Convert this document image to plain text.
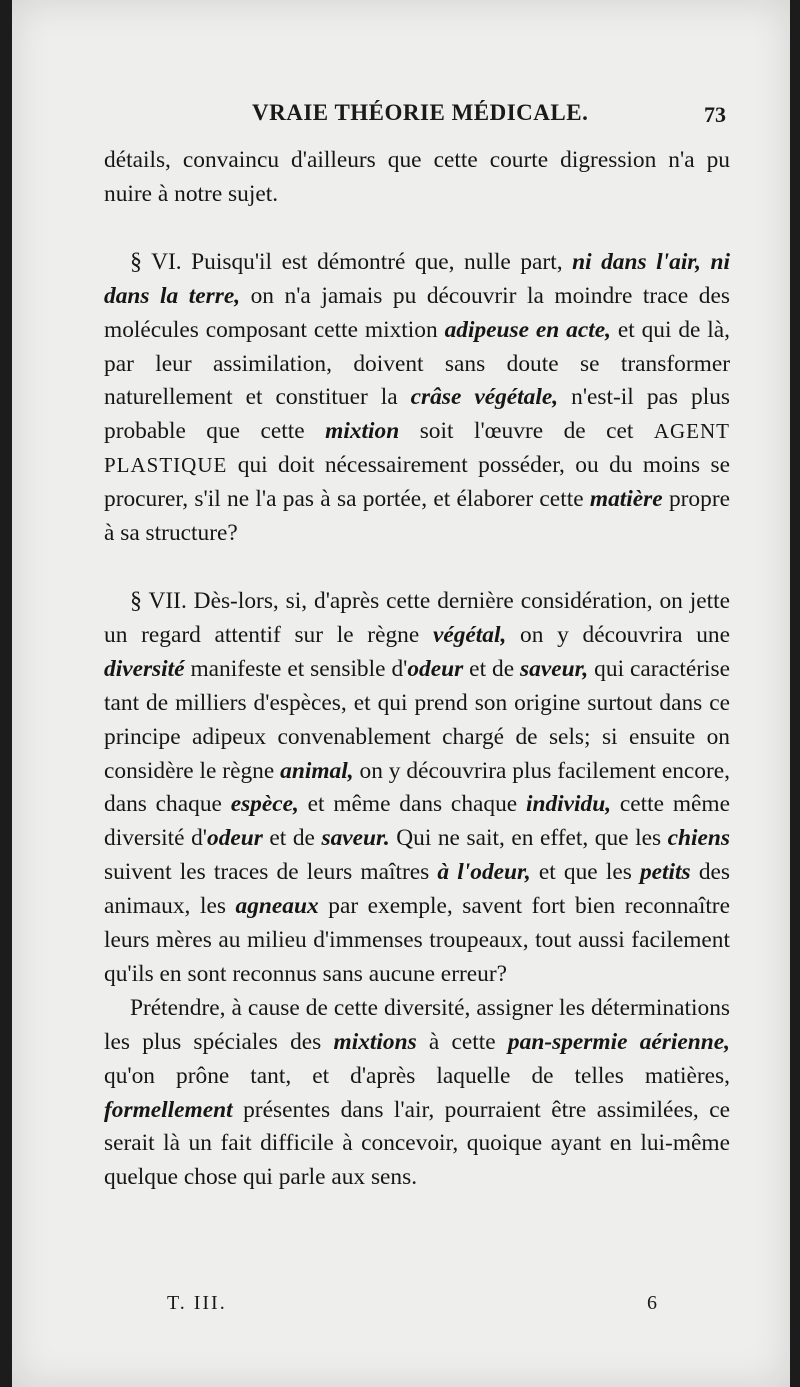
VRAIE THÉORIE MÉDICALE.	73

détails, convaincu d'ailleurs que cette courte digression n'a pu nuire à notre sujet.

§ VI. Puisqu'il est démontré que, nulle part, ni dans l'air, ni dans la terre, on n'a jamais pu découvrir la moindre trace des molécules composant cette mixtion adipeuse en acte, et qui de là, par leur assimilation, doivent sans doute se transformer naturellement et constituer la crâse végétale, n'est-il pas plus probable que cette mixtion soit l'œuvre de cet AGENT PLASTIQUE qui doit nécessairement posséder, ou du moins se procurer, s'il ne l'a pas à sa portée, et élaborer cette matière propre à sa structure?

§ VII. Dès-lors, si, d'après cette dernière considération, on jette un regard attentif sur le règne végétal, on y découvrira une diversité manifeste et sensible d'odeur et de saveur, qui caractérise tant de milliers d'espèces, et qui prend son origine surtout dans ce principe adipeux convenablement chargé de sels; si ensuite on considère le règne animal, on y découvrira plus facilement encore, dans chaque espèce, et même dans chaque individu, cette même diversité d'odeur et de saveur. Qui ne sait, en effet, que les chiens suivent les traces de leurs maîtres à l'odeur, et que les petits des animaux, les agneaux par exemple, savent fort bien reconnaître leurs mères au milieu d'immenses troupeaux, tout aussi facilement qu'ils en sont reconnus sans aucune erreur?

Prétendre, à cause de cette diversité, assigner les déterminations les plus spéciales des mixtions à cette pan-spermie aérienne, qu'on prône tant, et d'après laquelle de telles matières, formellement présentes dans l'air, pourraient être assimilées, ce serait là un fait difficile à concevoir, quoique ayant en lui-même quelque chose qui parle aux sens.

T. III.	6
